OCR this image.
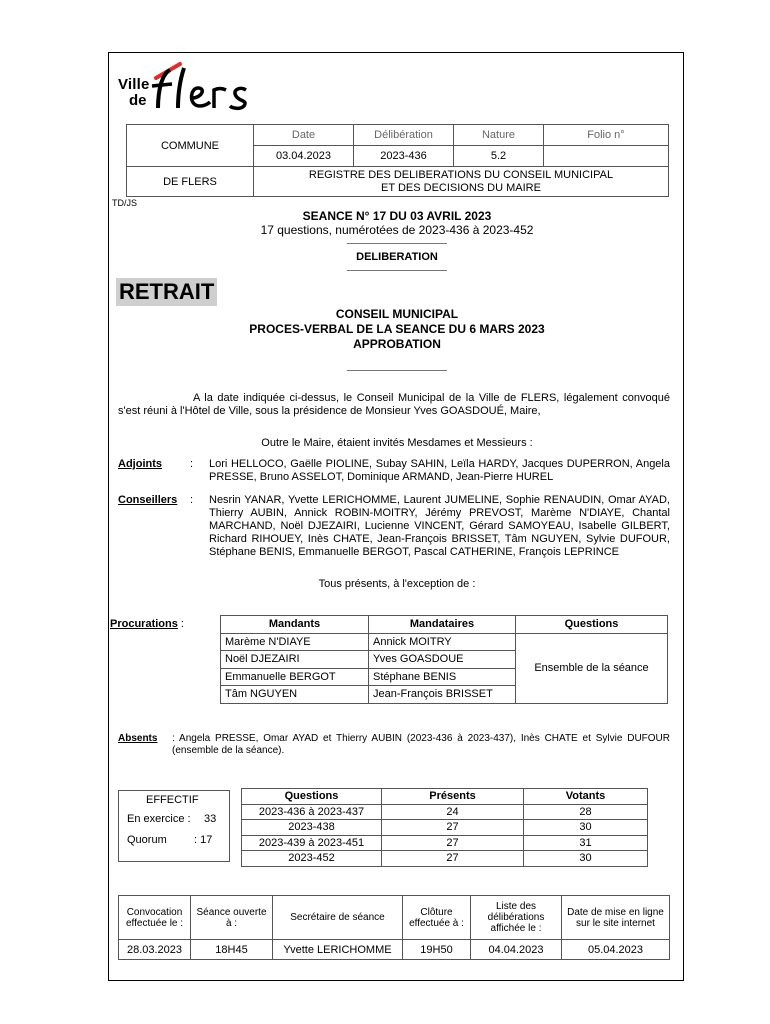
Ville
de
COMMUNE	Date	Délibération	Nature	Folio n°
	03.04.2023	2023-436	5.2	
DE FLERS	REGISTRE DES DELIBERATIONS DU CONSEIL MUNICIPAL ET DES DECISIONS DU MAIRE			
TD/JS
SEANCE N° 17 DU 03 AVRIL 2023
17 questions, numérotées de 2023-436 à 2023-452
DELIBERATION
RETRAIT
CONSEIL MUNICIPAL
PROCES-VERBAL DE LA SEANCE DU 6 MARS 2023
APPROBATION
A la date indiquée ci-dessus, le Conseil Municipal de la Ville de FLERS, légalement convoqué s'est réuni à l'Hôtel de Ville, sous la présidence de Monsieur Yves GOASDOUÉ, Maire,
Outre le Maire, étaient invités Mesdames et Messieurs :
Adjoints	: Lori HELLOCO, Gaëlle PIOLINE, Subay SAHIN, Leïla HARDY, Jacques DUPERRON, Angela PRESSE, Bruno ASSELOT, Dominique ARMAND, Jean-Pierre HUREL
Conseillers : Nesrin YANAR, Yvette LERICHOMME, Laurent JUMELINE, Sophie RENAUDIN, Omar AYAD, Thierry AUBIN, Annick ROBIN-MOITRY, Jérémy PREVOST, Marème N'DIAYE, Chantal MARCHAND, Noël DJEZAIRI, Lucienne VINCENT, Gérard SAMOYEAU, Isabelle GILBERT, Richard RIHOUEY, Inès CHATE, Jean-François BRISSET, Tâm NGUYEN, Sylvie DUFOUR, Stéphane BENIS, Emmanuelle BERGOT, Pascal CATHERINE, François LEPRINCE
Tous présents, à l'exception de :
Procurations :	Mandants	Mandataires	Questions
Marème N'DIAYE	Annick MOITRY	Ensemble de la séance
Noël DJEZAIRI	Yves GOASDOUE	
Emmanuelle BERGOT	Stéphane BENIS	
Tâm NGUYEN	Jean-François BRISSET	
Absents : Angela PRESSE, Omar AYAD et Thierry AUBIN (2023-436 à 2023-437), Inès CHATE et Sylvie DUFOUR (ensemble de la séance).
EFFECTIF
En exercice : 33
Quorum : 17
Questions	Présents	Votants
2023-436 à 2023-437	24	28
2023-438	27	30
2023-439 à 2023-451	27	31
2023-452	27	30
Convocation effectuée le :	Séance ouverte à :	Secrétaire de séance	Clôture effectuée à :	Liste des délibérations affichée le :	Date de mise en ligne sur le site internet
28.03.2023	18H45	Yvette LERICHOMME	19H50	04.04.2023	05.04.2023
